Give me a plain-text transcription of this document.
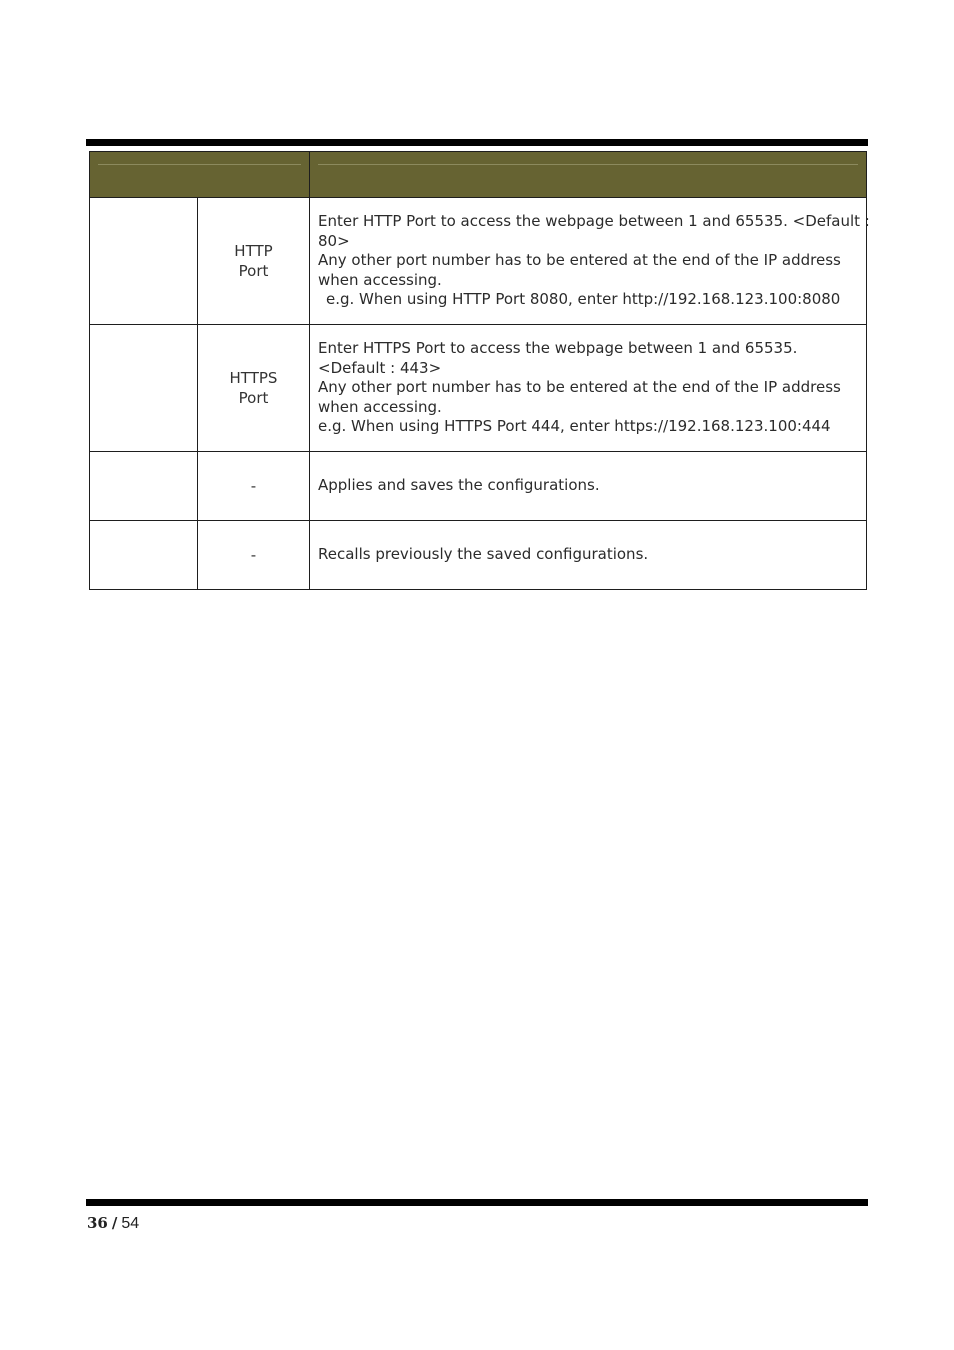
	HTTP
Port	Enter HTTP Port to access the webpage between 1 and 65535. <Default :
80>
Any other port number has to be entered at the end of the IP address
when accessing.
e.g. When using HTTP Port 8080, enter http://192.168.123.100:8080

	HTTPS
Port	Enter HTTPS Port to access the webpage between 1 and 65535.
<Default : 443>
Any other port number has to be entered at the end of the IP address
when accessing.
e.g. When using HTTPS Port 444, enter https://192.168.123.100:444

	-	Applies and saves the configurations.

	-	Recalls previously the saved configurations.
36 / 54
